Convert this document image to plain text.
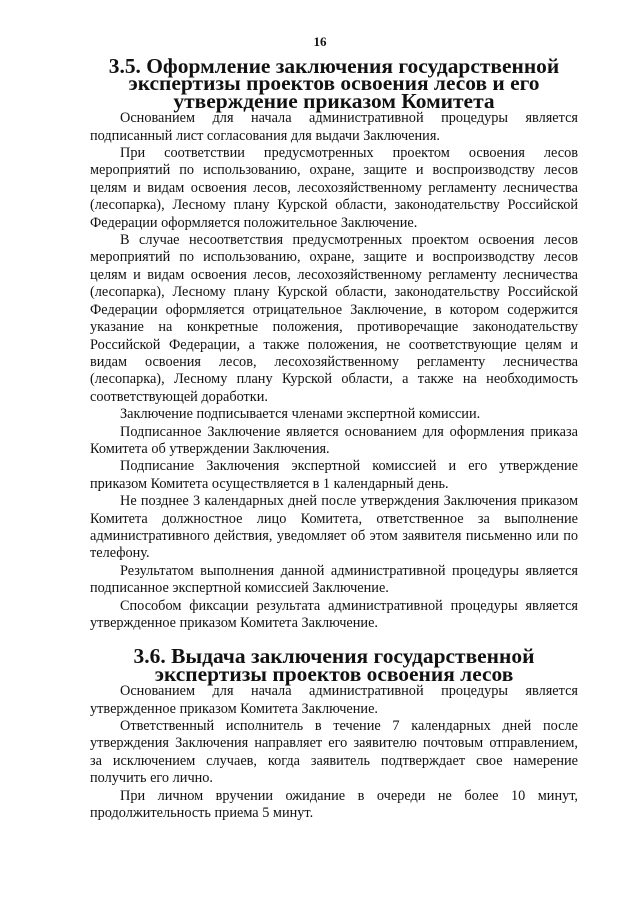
16
3.5. Оформление заключения государственной экспертизы проектов освоения лесов и его утверждение приказом Комитета

Основанием для начала административной процедуры является подписанный лист согласования для выдачи Заключения.

При соответствии предусмотренных проектом освоения лесов мероприятий по использованию, охране, защите и воспроизводству лесов целям и видам освоения лесов, лесохозяйственному регламенту лесничества (лесопарка), Лесному плану Курской области, законодательству Российской Федерации оформляется положительное Заключение.

В случае несоответствия предусмотренных проектом освоения лесов мероприятий по использованию, охране, защите и воспроизводству лесов целям и видам освоения лесов, лесохозяйственному регламенту лесничества (лесопарка), Лесному плану Курской области, законодательству Российской Федерации оформляется отрицательное Заключение, в котором содержится указание на конкретные положения, противоречащие законодательству Российской Федерации, а также положения, не соответствующие целям и видам освоения лесов, лесохозяйственному регламенту лесничества (лесопарка), Лесному плану Курской области, а также на необходимость соответствующей доработки.

Заключение подписывается членами экспертной комиссии.

Подписанное Заключение является основанием для оформления приказа Комитета об утверждении Заключения.

Подписание Заключения экспертной комиссией и его утверждение приказом Комитета осуществляется в 1 календарный день.

Не позднее 3 календарных дней после утверждения Заключения приказом Комитета должностное лицо Комитета, ответственное за выполнение административного действия, уведомляет об этом заявителя письменно или по телефону.

Результатом выполнения данной административной процедуры является подписанное экспертной комиссией Заключение.

Способом фиксации результата административной процедуры является утвержденное приказом Комитета Заключение.

3.6. Выдача заключения государственной экспертизы проектов освоения лесов

Основанием для начала административной процедуры является утвержденное приказом Комитета Заключение.

Ответственный исполнитель в течение 7 календарных дней после утверждения Заключения направляет его заявителю почтовым отправлением, за исключением случаев, когда заявитель подтверждает свое намерение получить его лично.

При личном вручении ожидание в очереди не более 10 минут, продолжительность приема 5 минут.
